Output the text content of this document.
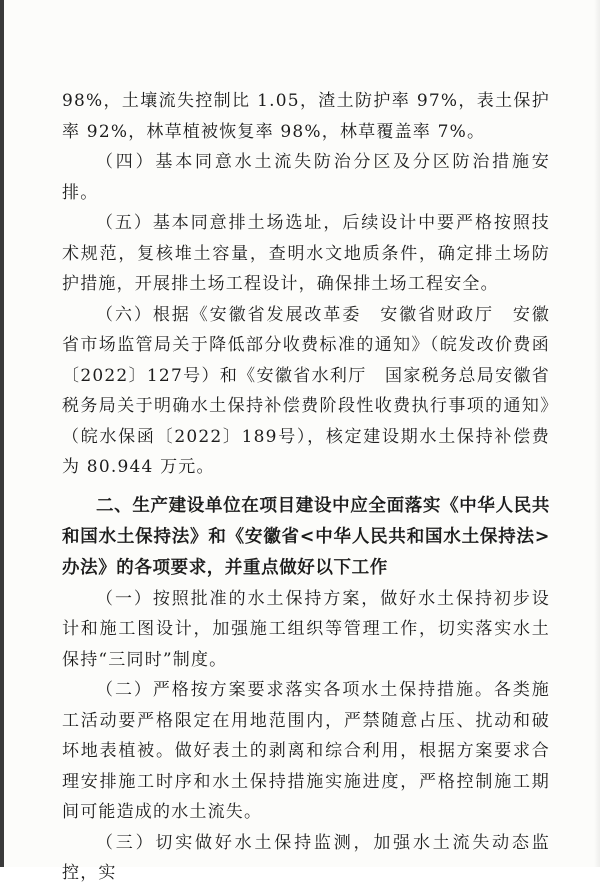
98%，土壤流失控制比 1.05，渣土防护率 97%，表土保护率 92%，林草植被恢复率 98%，林草覆盖率 7%。

（四）基本同意水土流失防治分区及分区防治措施安排。

（五）基本同意排土场选址，后续设计中要严格按照技术规范，复核堆土容量，查明水文地质条件，确定排土场防护措施，开展排土场工程设计，确保排土场工程安全。

（六）根据《安徽省发展改革委　安徽省财政厅　安徽省市场监管局关于降低部分收费标准的通知》（皖发改价费函〔2022〕127号）和《安徽省水利厅　国家税务总局安徽省税务局关于明确水土保持补偿费阶段性收费执行事项的通知》（皖水保函〔2022〕189号），核定建设期水土保持补偿费为 80.944 万元。

二、生产建设单位在项目建设中应全面落实《中华人民共和国水土保持法》和《安徽省<中华人民共和国水土保持法>办法》的各项要求，并重点做好以下工作

（一）按照批准的水土保持方案，做好水土保持初步设计和施工图设计，加强施工组织等管理工作，切实落实水土保持“三同时”制度。

（二）严格按方案要求落实各项水土保持措施。各类施工活动要严格限定在用地范围内，严禁随意占压、扰动和破坏地表植被。做好表土的剥离和综合利用，根据方案要求合理安排施工时序和水土保持措施实施进度，严格控制施工期间可能造成的水土流失。

（三）切实做好水土保持监测，加强水土流失动态监控，实
